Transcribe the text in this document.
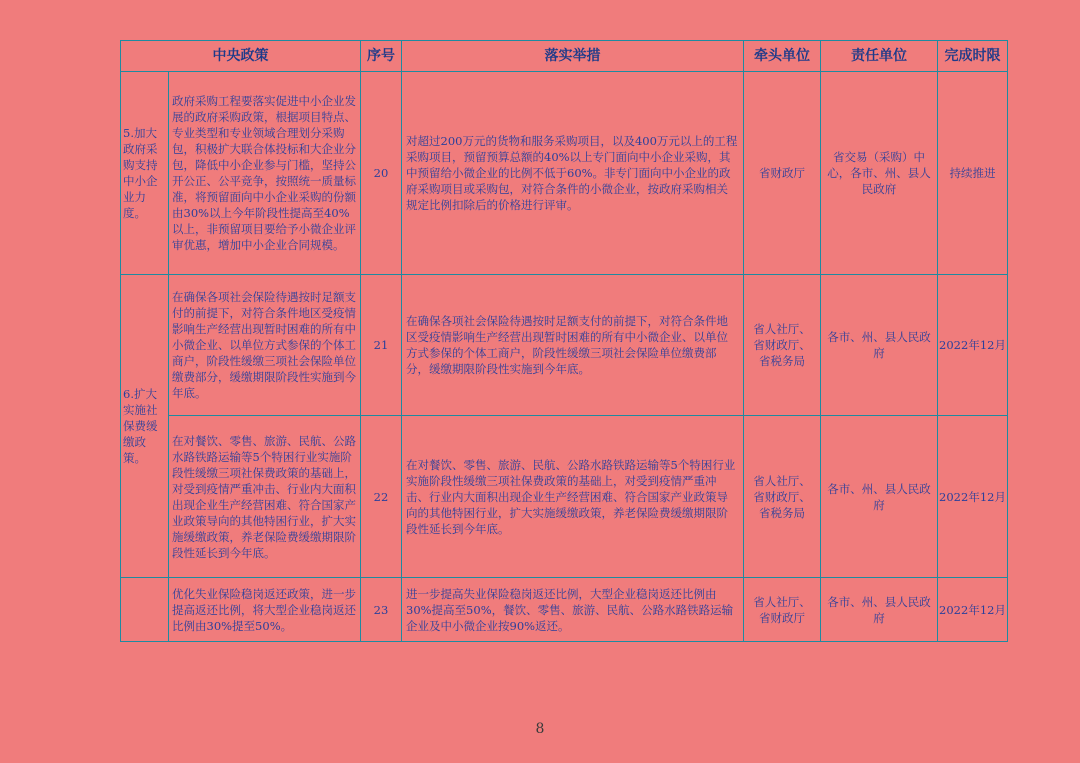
中央政策		序号	落实举措	牵头单位	责任单位	完成时限
5.加大政府采购支持中小企业力度。	政府采购工程要落实促进中小企业发展的政府采购政策，根据项目特点、专业类型和专业领域合理划分采购包，积极扩大联合体投标和大企业分包，降低中小企业参与门槛，坚持公开公正、公平竞争，按照统一质量标准，将预留面向中小企业采购的份额由30%以上今年阶段性提高至40%以上，非预留项目要给予小微企业评审优惠，增加中小企业合同规模。	20	对超过200万元的货物和服务采购项目，以及400万元以上的工程采购项目，预留预算总额的40%以上专门面向中小企业采购，其中预留给小微企业的比例不低于60%。非专门面向中小企业的政府采购项目或采购包，对符合条件的小微企业，按政府采购相关规定比例扣除后的价格进行评审。	省财政厅	省交易（采购）中心，各市、州、县人民政府	持续推进
6.扩大实施社保费缓缴政策。	在确保各项社会保险待遇按时足额支付的前提下，对符合条件地区受疫情影响生产经营出现暂时困难的所有中小微企业、以单位方式参保的个体工商户，阶段性缓缴三项社会保险单位缴费部分，缓缴期限阶段性实施到今年底。	21	在确保各项社会保险待遇按时足额支付的前提下，对符合条件地区受疫情影响生产经营出现暂时困难的所有中小微企业、以单位方式参保的个体工商户，阶段性缓缴三项社会保险单位缴费部分，缓缴期限阶段性实施到今年底。	省人社厅、省财政厅、省税务局	各市、州、县人民政府	2022年12月
	在对餐饮、零售、旅游、民航、公路水路铁路运输等5个特困行业实施阶段性缓缴三项社保费政策的基础上，对受到疫情严重冲击、行业内大面积出现企业生产经营困难、符合国家产业政策导向的其他特困行业，扩大实施缓缴政策，养老保险费缓缴期限阶段性延长到今年底。	22	在对餐饮、零售、旅游、民航、公路水路铁路运输等5个特困行业实施阶段性缓缴三项社保费政策的基础上，对受到疫情严重冲击、行业内大面积出现企业生产经营困难、符合国家产业政策导向的其他特困行业，扩大实施缓缴政策，养老保险费缓缴期限阶段性延长到今年底。	省人社厅、省财政厅、省税务局	各市、州、县人民政府	2022年12月
	优化失业保险稳岗返还政策，进一步提高返还比例，将大型企业稳岗返还比例由30%提至50%。	23	进一步提高失业保险稳岗返还比例，大型企业稳岗返还比例由30%提高至50%，餐饮、零售、旅游、民航、公路水路铁路运输企业及中小微企业按90%返还。	省人社厅、省财政厅	各市、州、县人民政府	2022年12月
8
